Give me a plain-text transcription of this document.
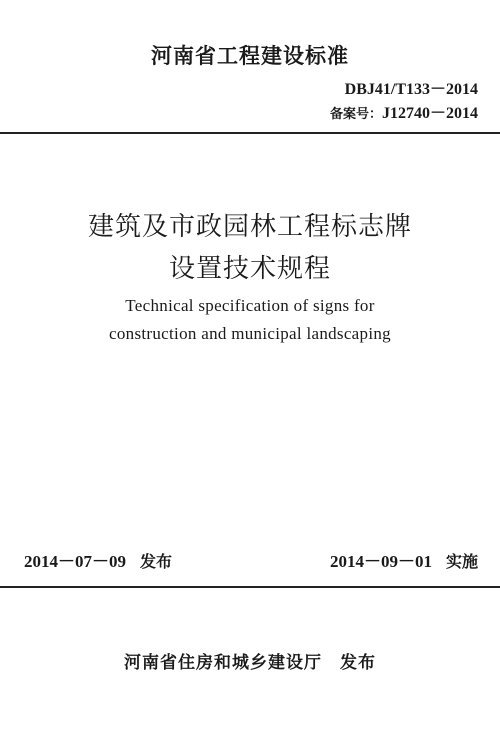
河南省工程建设标准
DBJ41/T133－2014
备案号：J12740－2014
建筑及市政园林工程标志牌
设置技术规程
Technical specification of signs for
construction and municipal landscaping
2014－07－09 发布	2014－09－01 实施
河南省住房和城乡建设厅 发布
